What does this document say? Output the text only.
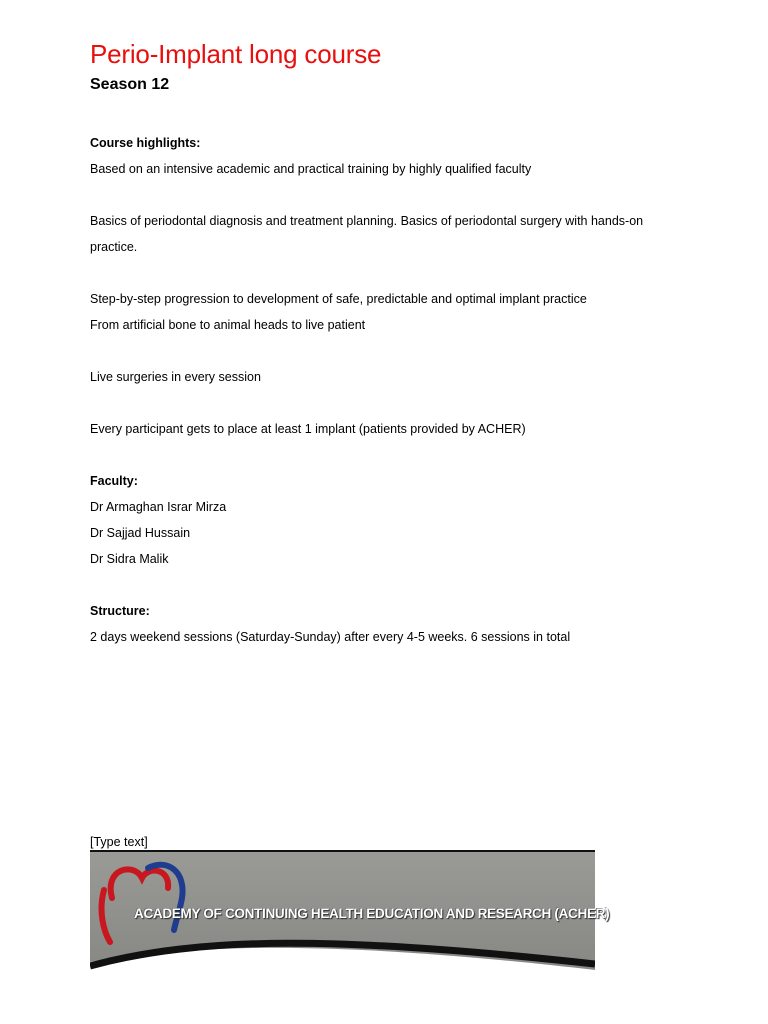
Perio-Implant long course
Season 12

Course highlights:

Based on an intensive academic and practical training by highly qualified faculty

Basics of periodontal diagnosis and treatment planning. Basics of periodontal surgery with hands-on

practice.

Step-by-step progression to development of safe, predictable and optimal implant practice

From artificial bone to animal heads to live patient

Live surgeries in every session

Every participant gets to place at least 1 implant (patients provided by ACHER)

Faculty:

Dr Armaghan Israr Mirza

Dr Sajjad Hussain

Dr Sidra Malik

Structure:

2 days weekend sessions (Saturday-Sunday) after every 4-5 weeks. 6 sessions in total

[Type text]

ACADEMY OF CONTINUING HEALTH EDUCATION AND RESEARCH (ACHER)
